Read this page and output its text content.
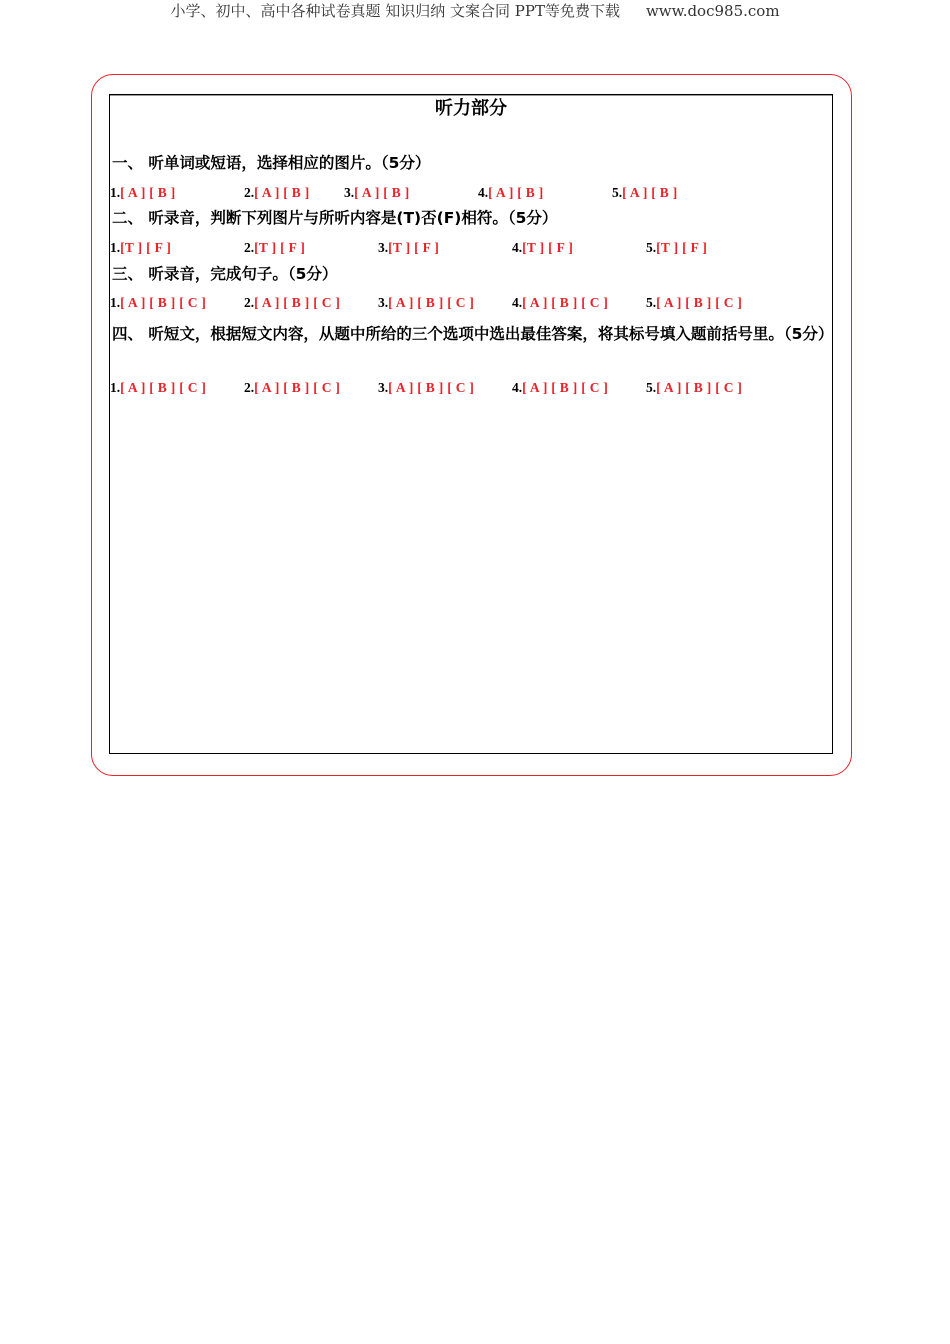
小学、初中、高中各种试卷真题 知识归纳 文案合同 PPT等免费下载 www.doc985.com
听力部分
一、 听单词或短语，选择相应的图片。（5分）
1.[ A ] [ B ]	2.[ A ] [ B ]	3.[ A ] [ B ]	4.[ A ] [ B ]	5.[ A ] [ B ]
二、 听录音，判断下列图片与所听内容是(T)否(F)相符。（5分）
1.[T ] [ F ]	2.[T ] [ F ]	3.[T ] [ F ]	4.[T ] [ F ]	5.[T ] [ F ]
三、 听录音，完成句子。（5分）
1.[ A ] [ B ] [ C ]	2.[ A ] [ B ] [ C ]	3.[ A ] [ B ] [ C ]	4.[ A ] [ B ] [ C ]	5.[ A ] [ B ] [ C ]
四、 听短文，根据短文内容，从题中所给的三个选项中选出最佳答案，将其标号填入题前括号里。（5分）
1.[ A ] [ B ] [ C ]	2.[ A ] [ B ] [ C ]	3.[ A ] [ B ] [ C ]	4.[ A ] [ B ] [ C ]	5.[ A ] [ B ] [ C ]
